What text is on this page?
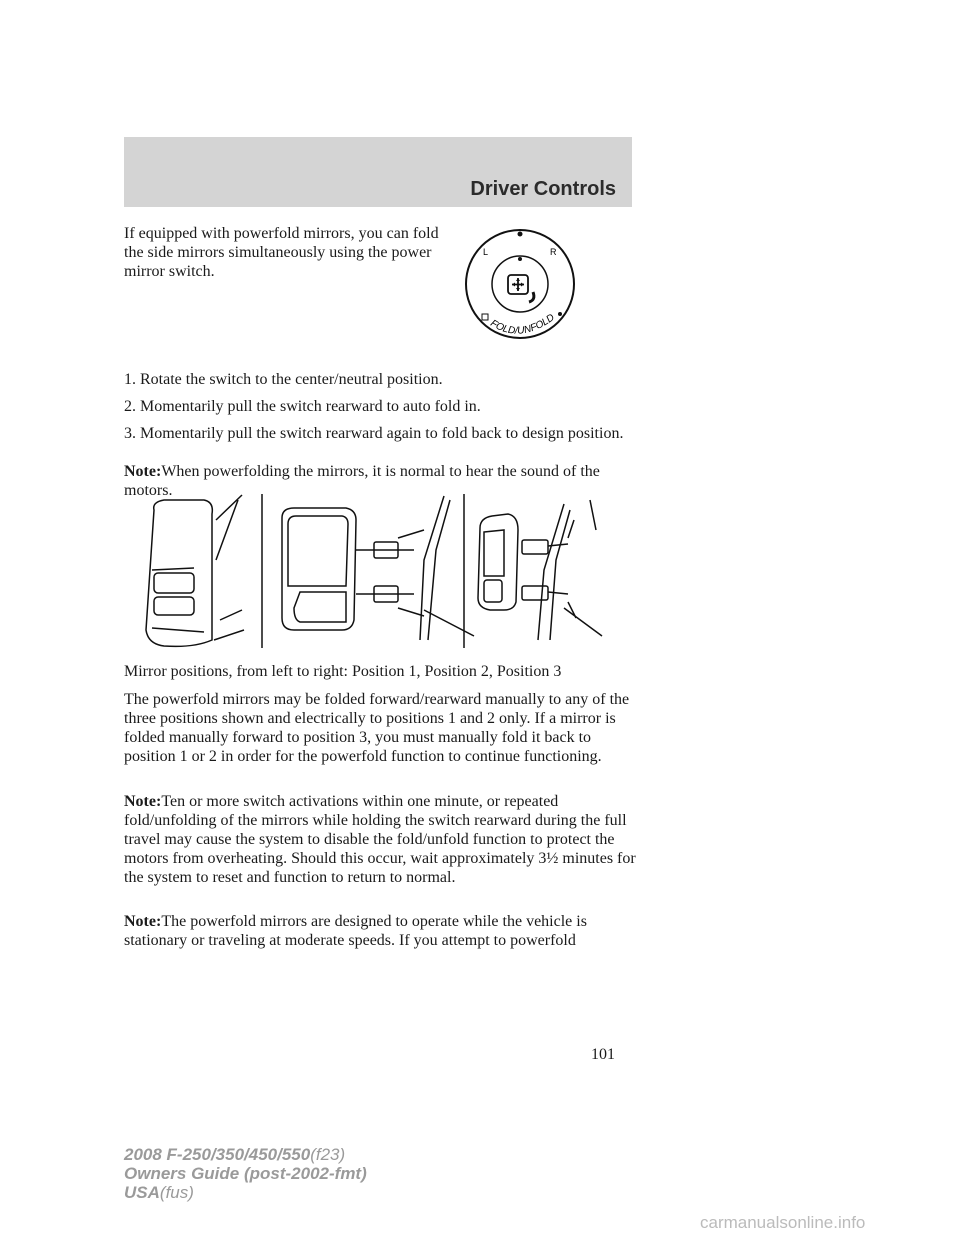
Driver Controls

If equipped with powerfold mirrors, you can fold the side mirrors simultaneously using the power mirror switch.

L	R
FOLD/UNFOLD

1. Rotate the switch to the center/neutral position.

2. Momentarily pull the switch rearward to auto fold in.

3. Momentarily pull the switch rearward again to fold back to design position.

Note:When powerfolding the mirrors, it is normal to hear the sound of the motors.

Mirror positions, from left to right: Position 1, Position 2, Position 3

The powerfold mirrors may be folded forward/rearward manually to any of the three positions shown and electrically to positions 1 and 2 only. If a mirror is folded manually forward to position 3, you must manually fold it back to position 1 or 2 in order for the powerfold function to continue functioning.

Note:Ten or more switch activations within one minute, or repeated fold/unfolding of the mirrors while holding the switch rearward during the full travel may cause the system to disable the fold/unfold function to protect the motors from overheating. Should this occur, wait approximately 3½ minutes for the system to reset and function to return to normal.

Note:The powerfold mirrors are designed to operate while the vehicle is stationary or traveling at moderate speeds. If you attempt to powerfold

101
2008 F-250/350/450/550(f23)
Owners Guide (post-2002-fmt)
USA(fus)
carmanualsonline.info
